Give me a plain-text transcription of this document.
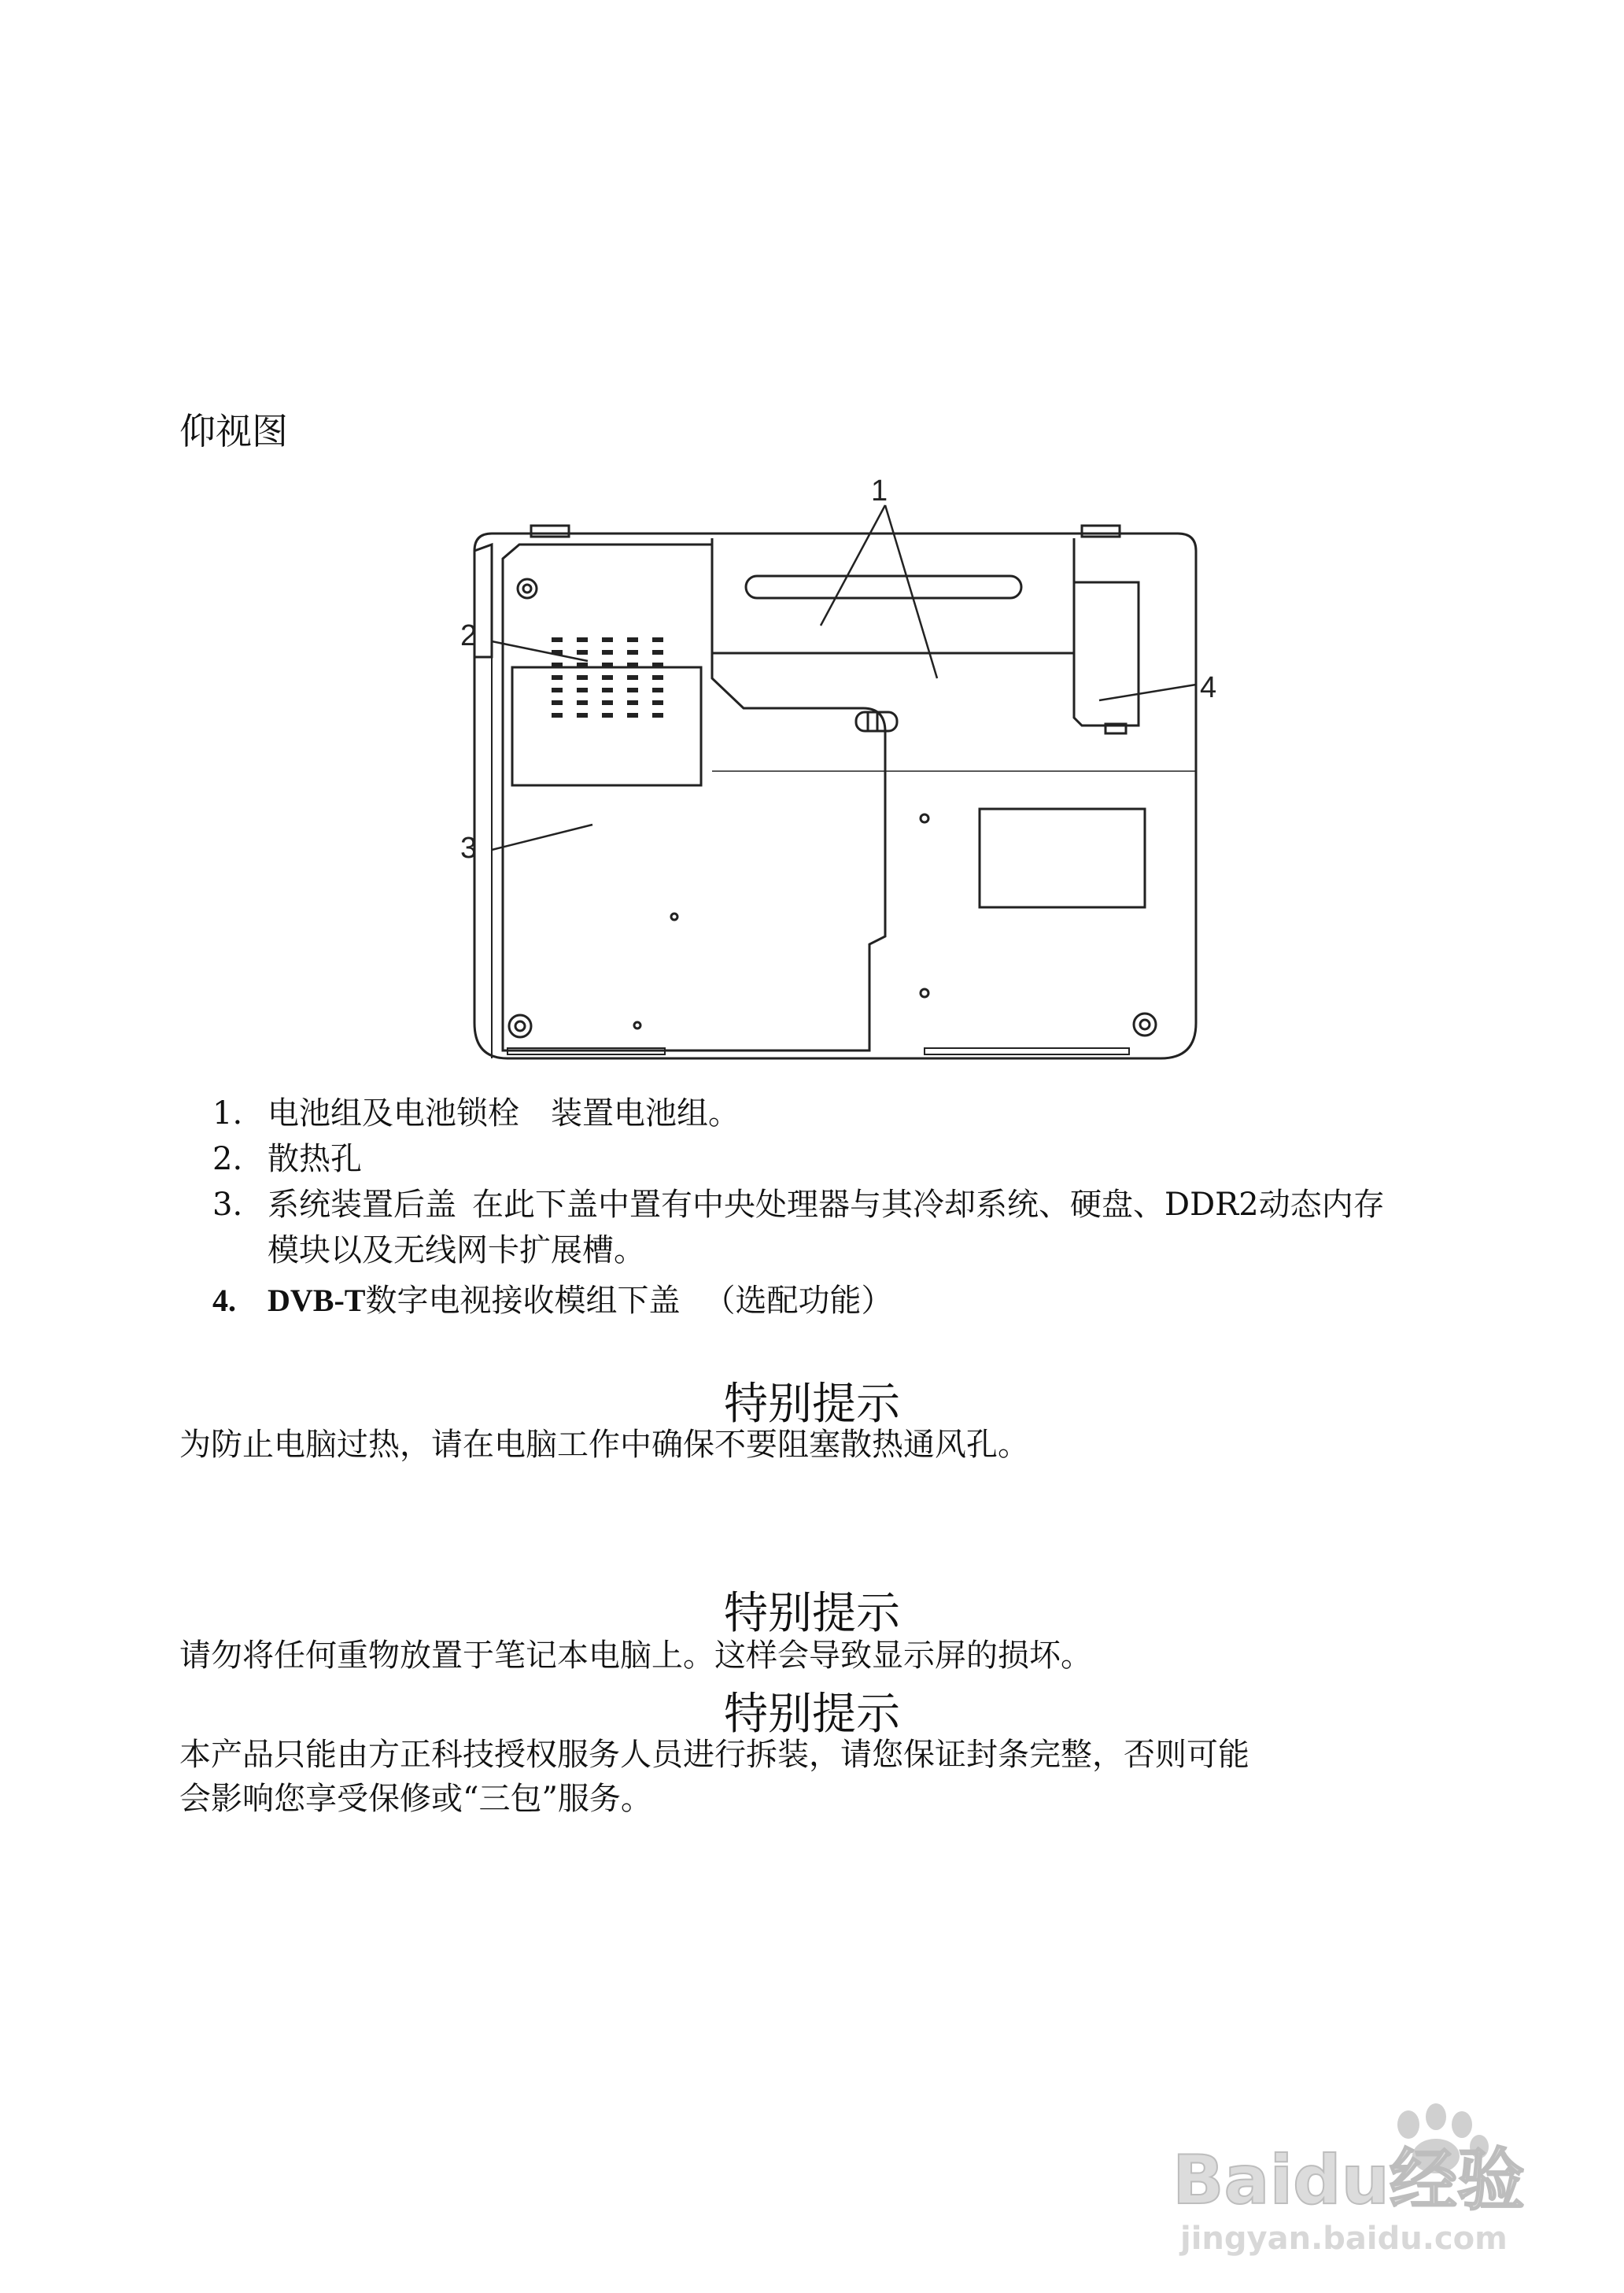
仰视图
1
2
3
4
1. 电池组及电池锁栓 装置电池组。
2. 散热孔
3. 系统装置后盖 在此下盖中置有中央处理器与其冷却系统、硬盘、DDR2动态内存
模块以及无线网卡扩展槽。
4.	DVB-T数字电视接收模组下盖 （选配功能）
特别提示
为防止电脑过热，请在电脑工作中确保不要阻塞散热通风孔。
特别提示
请勿将任何重物放置于笔记本电脑上。这样会导致显示屏的损坏。
特别提示
本产品只能由方正科技授权服务人员进行拆装，请您保证封条完整，否则可能
会影响您享受保修或“三包”服务。
Baidu经验
jingyan.baidu.com
